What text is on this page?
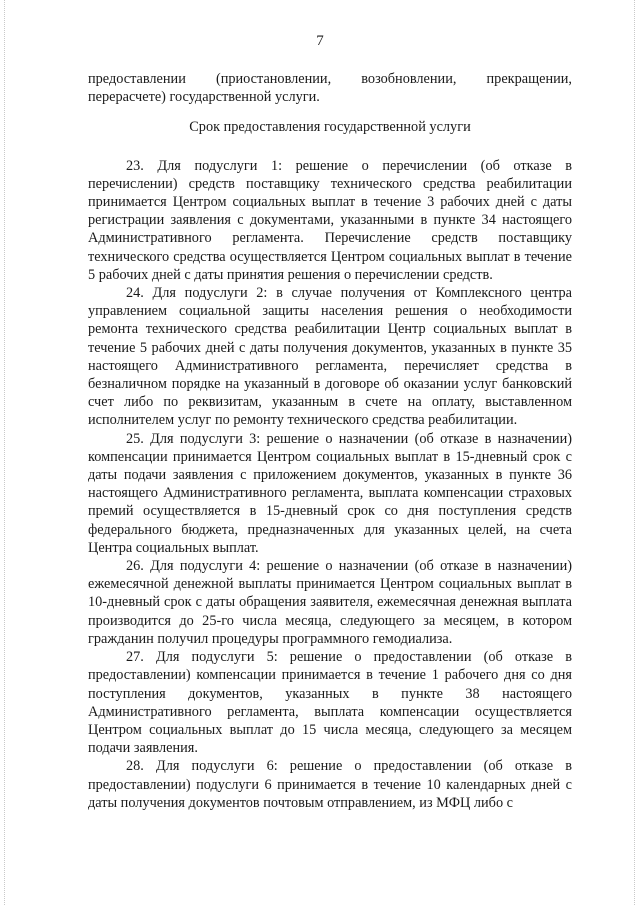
7

предоставлении (приостановлении, возобновлении, прекращении, перерасчете) государственной услуги.

Срок предоставления государственной услуги

23. Для подуслуги 1: решение о перечислении (об отказе в перечислении) средств поставщику технического средства реабилитации принимается Центром социальных выплат в течение 3 рабочих дней с даты регистрации заявления с документами, указанными в пункте 34 настоящего Административного регламента. Перечисление средств поставщику технического средства осуществляется Центром социальных выплат в течение 5 рабочих дней с даты принятия решения о перечислении средств.

24. Для подуслуги 2: в случае получения от Комплексного центра управлением социальной защиты населения решения о необходимости ремонта технического средства реабилитации Центр социальных выплат в течение 5 рабочих дней с даты получения документов, указанных в пункте 35 настоящего Административного регламента, перечисляет средства в безналичном порядке на указанный в договоре об оказании услуг банковский счет либо по реквизитам, указанным в счете на оплату, выставленном исполнителем услуг по ремонту технического средства реабилитации.

25. Для подуслуги 3: решение о назначении (об отказе в назначении) компенсации принимается Центром социальных выплат в 15-дневный срок с даты подачи заявления с приложением документов, указанных в пункте 36 настоящего Административного регламента, выплата компенсации страховых премий осуществляется в 15-дневный срок со дня поступления средств федерального бюджета, предназначенных для указанных целей, на счета Центра социальных выплат.

26. Для подуслуги 4: решение о назначении (об отказе в назначении) ежемесячной денежной выплаты принимается Центром социальных выплат в 10-дневный срок с даты обращения заявителя, ежемесячная денежная выплата производится до 25-го числа месяца, следующего за месяцем, в котором гражданин получил процедуры программного гемодиализа.

27. Для подуслуги 5: решение о предоставлении (об отказе в предоставлении) компенсации принимается в течение 1 рабочего дня со дня поступления документов, указанных в пункте 38 настоящего Административного регламента, выплата компенсации осуществляется Центром социальных выплат до 15 числа месяца, следующего за месяцем подачи заявления.

28. Для подуслуги 6: решение о предоставлении (об отказе в предоставлении) подуслуги 6 принимается в течение 10 календарных дней с даты получения документов почтовым отправлением, из МФЦ либо с
